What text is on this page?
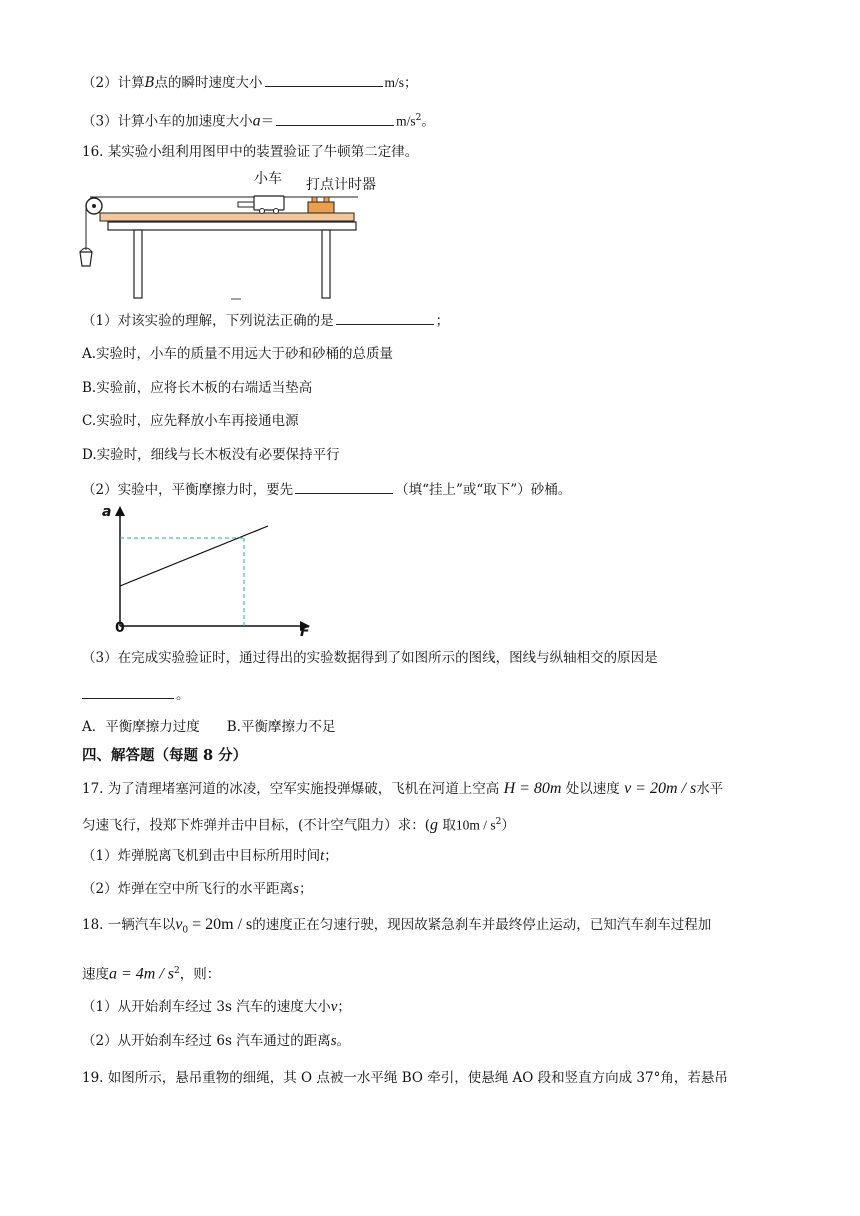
（2）计算B点的瞬时速度大小	m/s；
（3）计算小车的加速度大小a＝	$m/s^2$。
16. 某实验小组利用图甲中的装置验证了牛顿第二定律。
小车 打点计时器
（1）对该实验的理解，下列说法正确的是	；
A.实验时，小车的质量不用远大于砂和砂桶的总质量
B.实验前，应将长木板的右端适当垫高
C.实验时，应先释放小车再接通电源
D.实验时，细线与长木板没有必要保持平行
（2）实验中，平衡摩擦力时，要先	（填“挂上”或“取下”）砂桶。
a
F
0
（3）在完成实验验证时，通过得出的实验数据得到了如图所示的图线，图线与纵轴相交的原因是
。
A．平衡摩擦力过度　　B.平衡摩擦力不足
四、解答题（每题 8 分）
17. 为了清理堵塞河道的冰凌，空军实施投弹爆破，飞机在河道上空高 H = 80m 处以速度 v = 20m / s水平
匀速飞行，投郑下炸弹并击中目标，(不计空气阻力）求：(g 取$10m / s^2$）
（1）炸弹脱离飞机到击中目标所用时间t；
（2）炸弹在空中所飞行的水平距离s；
18. 一辆汽车以$v_0 = 20m / s$的速度正在匀速行驶，现因故紧急刹车并最终停止运动，已知汽车刹车过程加
速度$a = 4m / s^2$，则：
（1）从开始刹车经过 3s 汽车的速度大小v；
（2）从开始刹车经过 6s 汽车通过的距离s。
19. 如图所示，悬吊重物的细绳，其 O 点被一水平绳 BO 牵引，使悬绳 AO 段和竖直方向成 37°角，若悬吊
